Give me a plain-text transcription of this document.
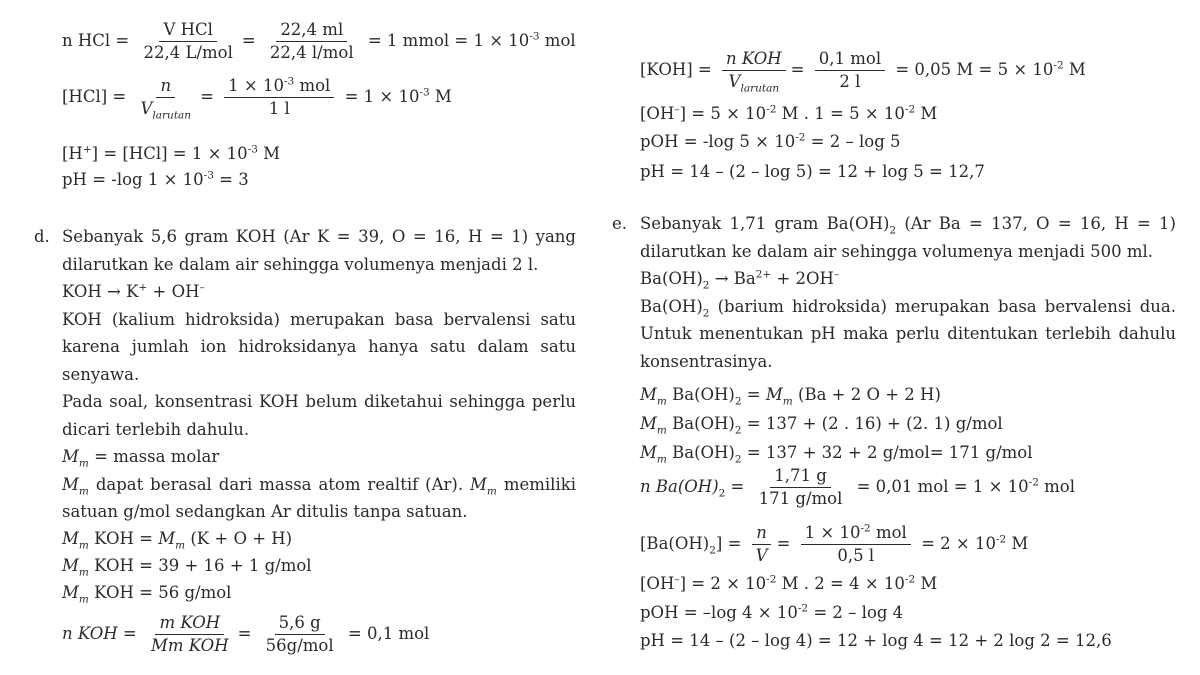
n HCl = $\frac{\text{V HCl}}{\text{22,4 L/mol}} = \frac{22,4 ml}{\text{22,4 l/mol}} = 1$ mmol = $1 \times 10^{-3}$ mol
$[HCl] = \frac{n}{V_{larutan}} = \frac{1 \times 10^{-3} mol}{1 l} = 1 \times 10^{-3}$ M
$[H^+] = [HCl] = 1 \times 10^{-3}$ M
pH = -log $1 \times 10^{-3} = 3$
d. Sebanyak 5,6 gram KOH (Ar K = 39, O = 16, H = 1) yang dilarutkan ke dalam air sehingga volumenya menjadi 2 l.

KOH → K+ + OH–

KOH (kalium hidroksida) merupakan basa bervalensi satu karena jumlah ion hidroksidanya hanya satu dalam satu senyawa.

Pada soal, konsentrasi KOH belum diketahui sehingga perlu dicari terlebih dahulu.

$M_m$ = massa molar

$M_m$ dapat berasal dari massa atom realtif (Ar). $M_m$ memiliki satuan g/mol sedangkan Ar ditulis tanpa satuan.

$M_m$ KOH = $M_m$ (K + O + H)
$M_m$ KOH = 39 + 16 + 1 g/mol
$M_m$ KOH = 56 g/mol
n KOH = $\frac{\text{m KOH}}{\text{Mm KOH}} = \frac{5,6 g}{\text{56g/mol}} = 0,1$ mol
$[KOH] = \frac{\text{n KOH}}{V_{larutan}} = \frac{\text{0,1 mol}}{2 l} = 0,05$ $M = 5 \times 10^{-2}$ M
$[OH^-] = 5 \times 10^{-2}$ M . $1 = 5 \times 10^{-2}$ M
pOH = -log $5 \times 10^{-2} = 2 - \log 5$
pH = 14 – (2 – log 5) = 12 + log 5 = 12,7
e. Sebanyak 1,71 gram $Ba(OH)_2$ (Ar Ba = 137, O = 16, H = 1) dilarutkan ke dalam air sehingga volumenya menjadi 500 ml.

$Ba(OH)_2 \to Ba^{2+} + 2OH^-$

$Ba(OH)_2$ (barium hidroksida) merupakan basa bervalensi dua. Untuk menentukan pH maka perlu ditentukan terlebih dahulu konsentrasinya.

$M_m$ $Ba(OH)_2 = M_m$ (Ba + 2 O + 2 H)
$M_m$ $Ba(OH)_2 = 137 + (2$ . 16) + (2. 1) g/mol
$M_m$ $Ba(OH)_2 = 137 + 32 + 2$ g/mol= 171 g/mol
n $Ba(OH)_2 = \frac{1,71 g}{\text{171 g/mol}} = 0,01$ mol = $1 \times 10^{-2}$ mol
$[Ba(OH)_2] = \frac{n}{V} = \frac{1 \times 10^{-2} mol}{0,5 l} = 2 \times 10^{-2}$ M
$[OH^-] = 2 \times 10^{-2}$ M . $2 = 4 \times 10^{-2}$ M
pOH = –log $4 \times 10^{-2} = 2 - \log 4$
pH = 14 – (2 – log 4) = 12 + log 4 = 12 + 2 log 2 = 12,6
